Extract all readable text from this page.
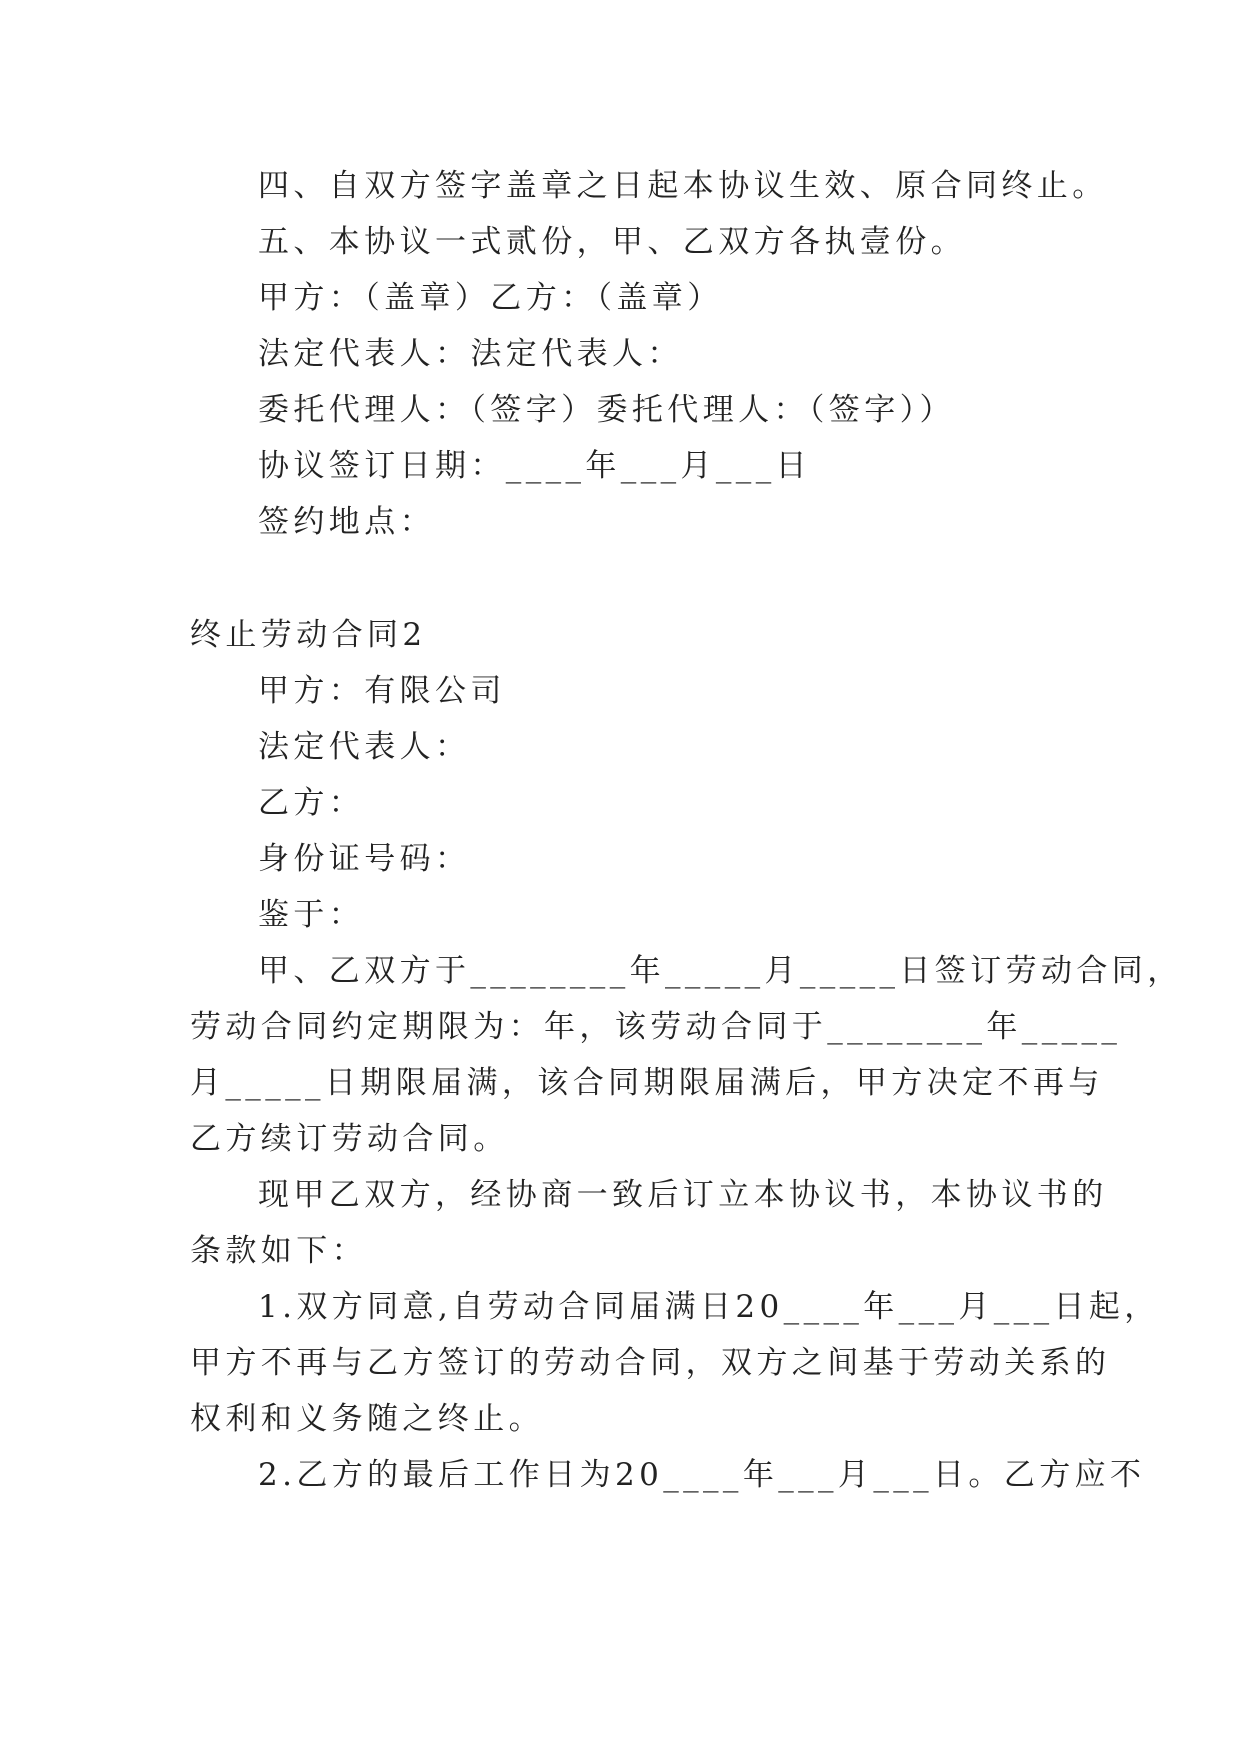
四、自双方签字盖章之日起本协议生效、原合同终止。
五、本协议一式贰份，甲、乙双方各执壹份。
甲方：（盖章）乙方：（盖章）
法定代表人：法定代表人：
委托代理人：（签字）委托代理人：（签字））
协议签订日期：____年___月___日
签约地点：
终止劳动合同2
甲方：有限公司
法定代表人：
乙方：
身份证号码：
鉴于：
甲、乙双方于________年_____月_____日签订劳动合同，
劳动合同约定期限为：年，该劳动合同于________年_____
月_____日期限届满，该合同期限届满后，甲方决定不再与
乙方续订劳动合同。
现甲乙双方，经协商一致后订立本协议书，本协议书的
条款如下：
1.双方同意,自劳动合同届满日20____年___月___日起，
甲方不再与乙方签订的劳动合同，双方之间基于劳动关系的
权利和义务随之终止。
2.乙方的最后工作日为20____年___月___日。乙方应不
